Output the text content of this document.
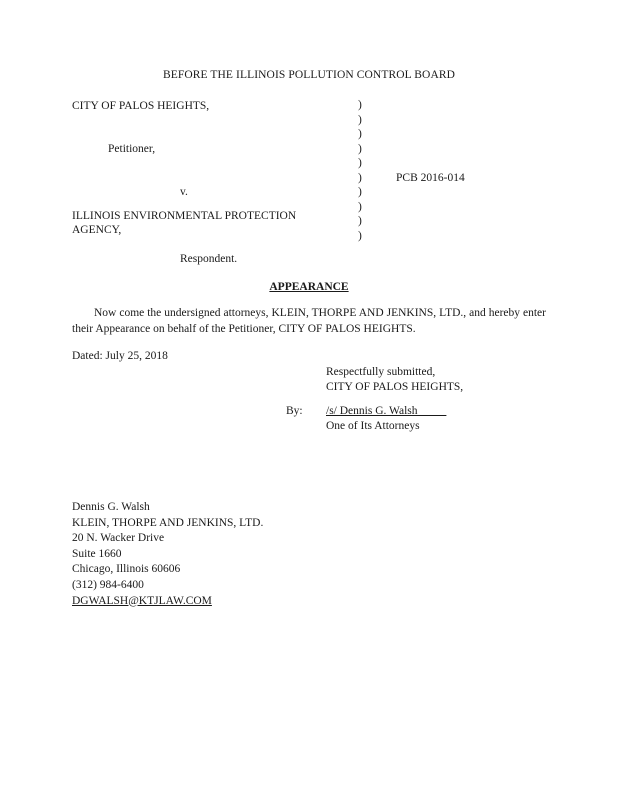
BEFORE THE ILLINOIS POLLUTION CONTROL BOARD
CITY OF PALOS HEIGHTS,
Petitioner,
v.
ILLINOIS ENVIRONMENTAL PROTECTION
AGENCY,
Respondent.
)
)
)
)
)
)
)
)
)
)
PCB 2016-014
APPEARANCE
Now come the undersigned attorneys, KLEIN, THORPE AND JENKINS, LTD., and hereby enter their Appearance on behalf of the Petitioner, CITY OF PALOS HEIGHTS.
Dated: July 25, 2018
Respectfully submitted,
CITY OF PALOS HEIGHTS,
By: /s/ Dennis G. Walsh
One of Its Attorneys
Dennis G. Walsh
KLEIN, THORPE AND JENKINS, LTD.
20 N. Wacker Drive
Suite 1660
Chicago, Illinois 60606
(312) 984-6400
DGWALSH@KTJLAW.COM
